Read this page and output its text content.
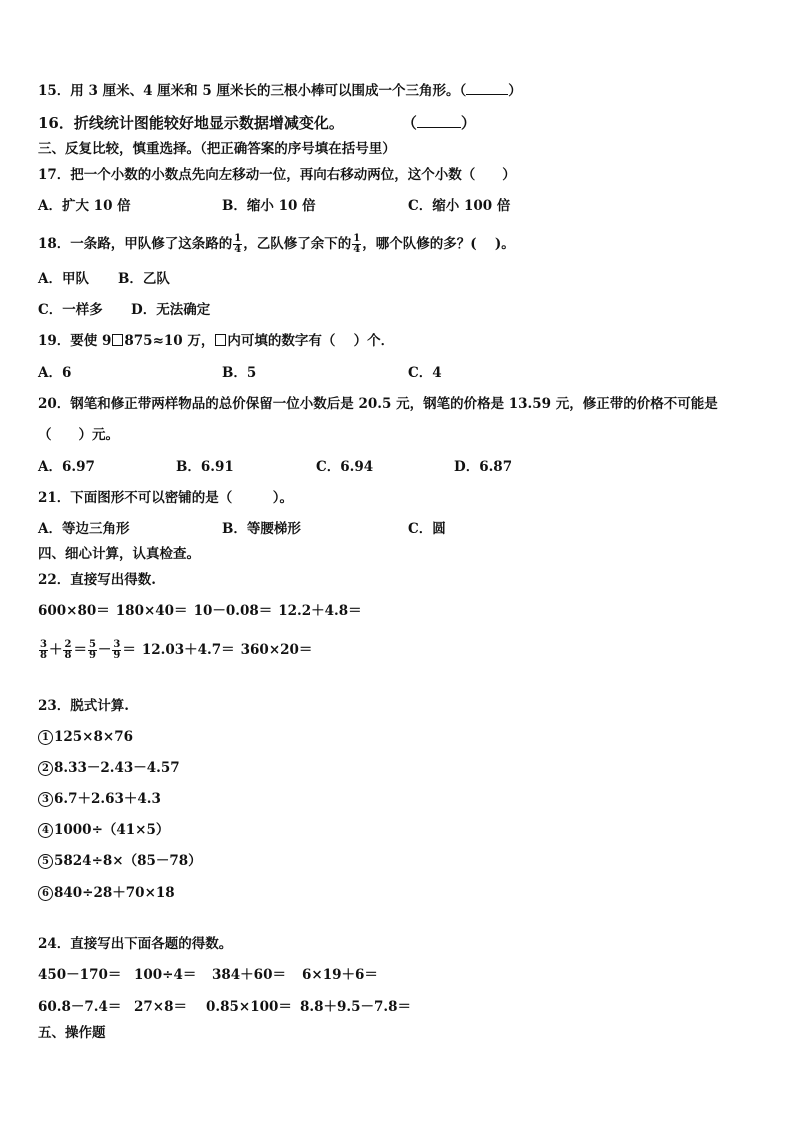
15．用 3 厘米、4 厘米和 5 厘米长的三根小棒可以围成一个三角形。（	）
16．折线统计图能较好地显示数据增减变化。	（	）
三、反复比较，慎重选择。（把正确答案的序号填在括号里）
17．把一个小数的小数点先向左移动一位，再向右移动两位，这个小数（　　）
A．扩大 10 倍	B．缩小 10 倍	C．缩小 100 倍
18．一条路，甲队修了这条路的 $\frac{1}{4}$ ，乙队修了余下的 $\frac{1}{4}$ ，哪个队修的多？(　 )。
A．甲队 B．乙队
C．一样多 D．无法确定
19．要使 9 875≈10 万， 内可填的数字有（　 ）个．
A．6	B．5	C．4
20．钢笔和修正带两样物品的总价保留一位小数后是 20.5 元，钢笔的价格是 13.59 元，修正带的价格不可能是
（　　）元。
A．6.97	B．6.91	C．6.94	D．6.87
21．下面图形不可以密铺的是（　　　）。
A．等边三角形	B．等腰梯形	C．圆
四、细心计算，认真检查。
22．直接写出得数.
600×80＝ 180×40＝ 10－0.08＝ 12.2＋4.8＝
$\frac{3}{8} + \frac{2}{8} = \frac{5}{9} - \frac{3}{9} = 12.03+4.7= 360\times 20=$
23．脱式计算.
1 125×8×76
2 8.33－2.43－4.57
3 6.7＋2.63＋4.3
4 1000÷（41×5）
5 5824÷8×（85－78）
6 840÷28＋70×18
24．直接写出下面各题的得数。
450－170＝ 100÷4＝ 384＋60＝ 6×19＋6＝
60.8－7.4＝ 27×8＝ 0.85×100＝ 8.8＋9.5－7.8＝
五、操作题
